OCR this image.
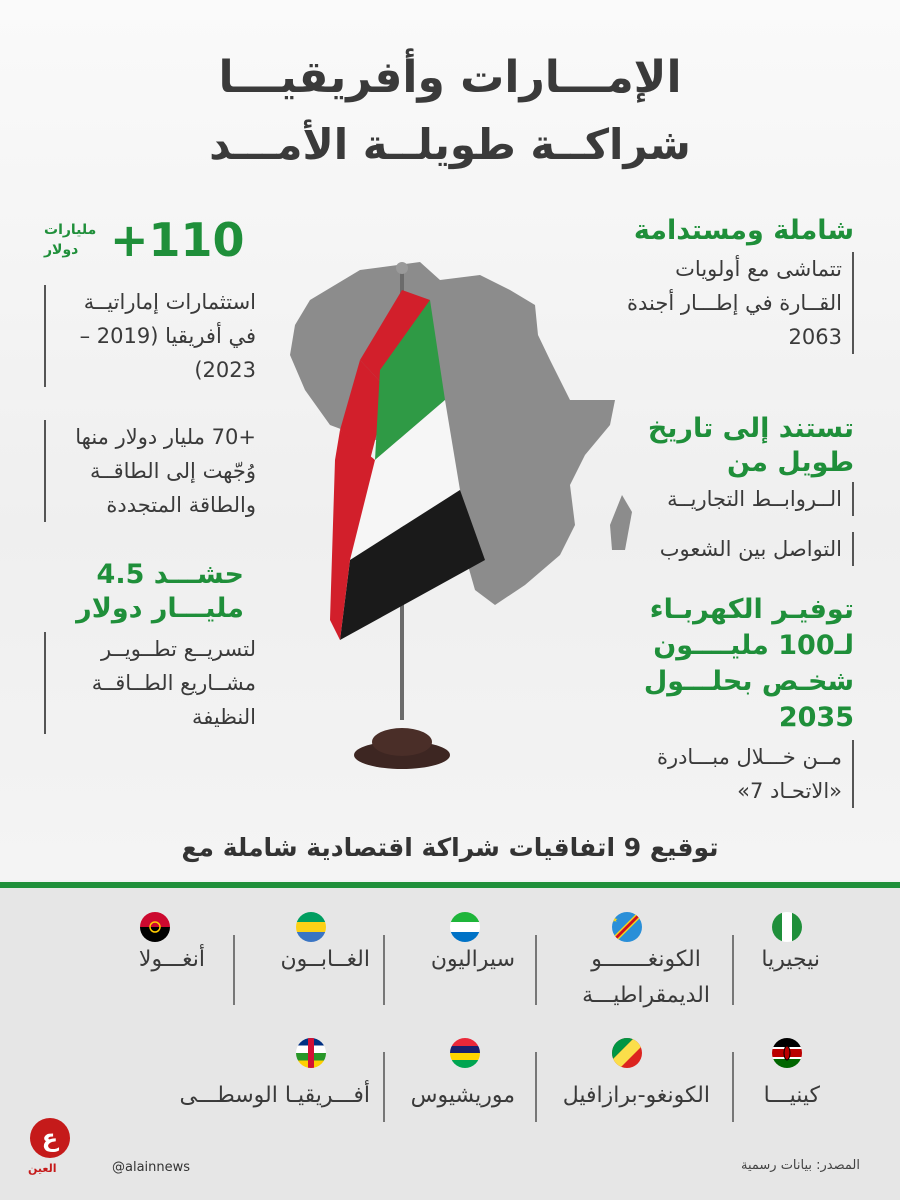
الإمـــارات وأفريقيـــا
شراكــة طويلــة الأمـــد
شاملة ومستدامة
تتماشى مع أولويات القــارة في إطـــار أجندة 2063
تستند إلى تاريخ طويل من
الــروابــط التجاريــة
التواصل بين الشعوب
توفيـر الكهربـاء لـ100 مليــــون شخـص بحلـــول 2035
مــن خـــلال مبـــادرة «الاتحـاد 7»
+110
مليارات
دولار
استثمارات إماراتيــة في أفريقيا (2019 – 2023)
+70 مليار دولار منها وُجّهت إلى الطاقــة والطاقة المتجددة
حشـــد 4.5 مليـــار دولار
لتسريــع تطــويــر مشــاريع الطــاقــة النظيفة
توقيع 9 اتفاقيات شراكة اقتصادية شاملة مع
نيجيريا
★
الكونغـــــــو
الديمقراطيـــة
سيراليون
الغــابــون
أنغـــولا
كينيـــا
الكونغو-برازافيل
موريشيوس
أفـــريقيـا الوسطـــى
المصدر: بيانات رسمية
@alainnews
ع
العين
